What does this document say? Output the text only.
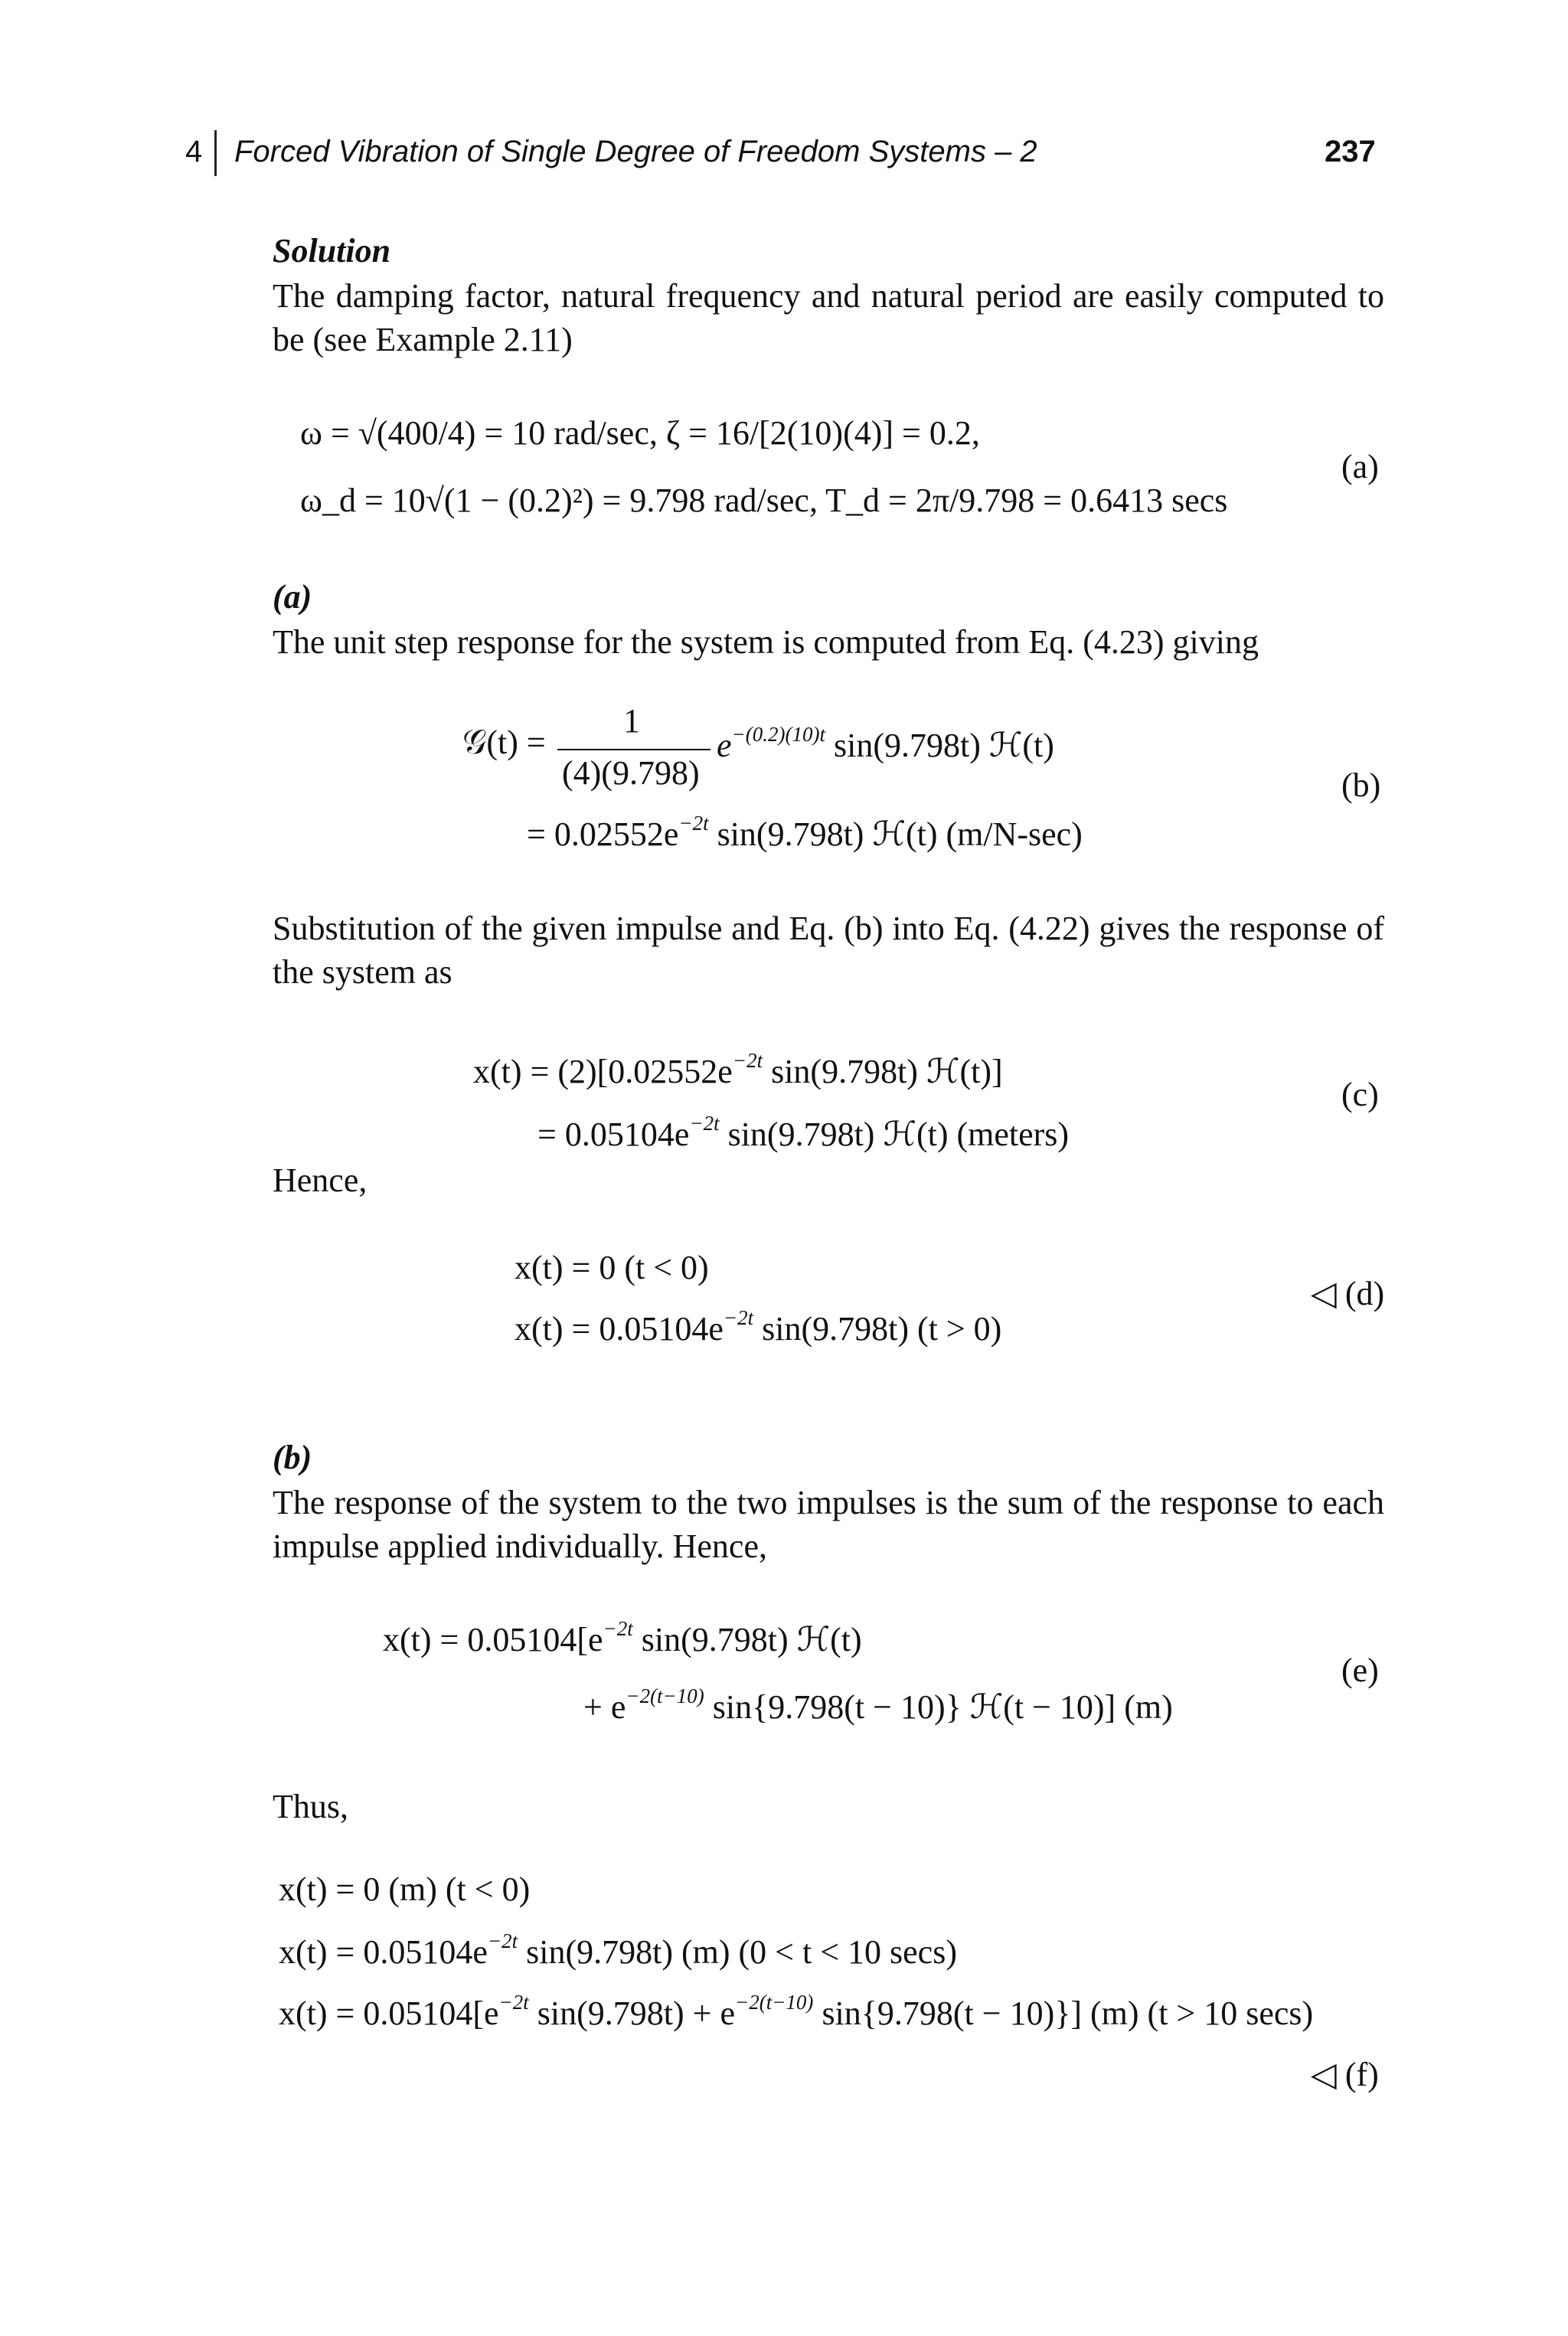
4 Forced Vibration of Single Degree of Freedom Systems – 2	237
Solution
The damping factor, natural frequency and natural period are easily computed to be (see Example 2.11)
ω = √(400/4) = 10 rad/sec, ζ = 16/[2(10)(4)] = 0.2,
ω_d = 10√(1 − (0.2)²) = 9.798 rad/sec, T_d = 2π/9.798 = 0.6413 secs
(a)
(a)
The unit step response for the system is computed from Eq. (4.23) giving
𝒢(t) =
1
(4)(9.798)
$e^{-(0.2)(10)t}$ sin(9.798t) ℋ(t)
= $0.02552e^{-2t}$ sin(9.798t) ℋ(t) (m/N-sec)
(b)
Substitution of the given impulse and Eq. (b) into Eq. (4.22) gives the response of the system as
$x(t) = (2)[0.02552e^{-2t}$ sin(9.798t) ℋ(t)]
= $0.05104e^{-2t}$ sin(9.798t) ℋ(t) (meters)
(c)
Hence,
x(t) = 0 (t < 0)
$x(t) = 0.05104e^{-2t}$ sin(9.798t) (t > 0)
◁ (d)
(b)
The response of the system to the two impulses is the sum of the response to each impulse applied individually. Hence,
$x(t) = 0.05104[e^{-2t}$ sin(9.798t) ℋ(t)
+ $e^{-2(t-10)}$ sin{9.798(t − 10)} ℋ(t − 10)] (m)
(e)
Thus,
x(t) = 0 (m) (t < 0)
$x(t) = 0.05104e^{-2t}$ sin(9.798t) (m) (0 < t < 10 secs)
$x(t) = 0.05104[e^{-2t}$ $\sin(9.798t) + e^{-2(t-10)}$ sin{9.798(t − 10)}] (m) (t > 10 secs)
◁ (f)
